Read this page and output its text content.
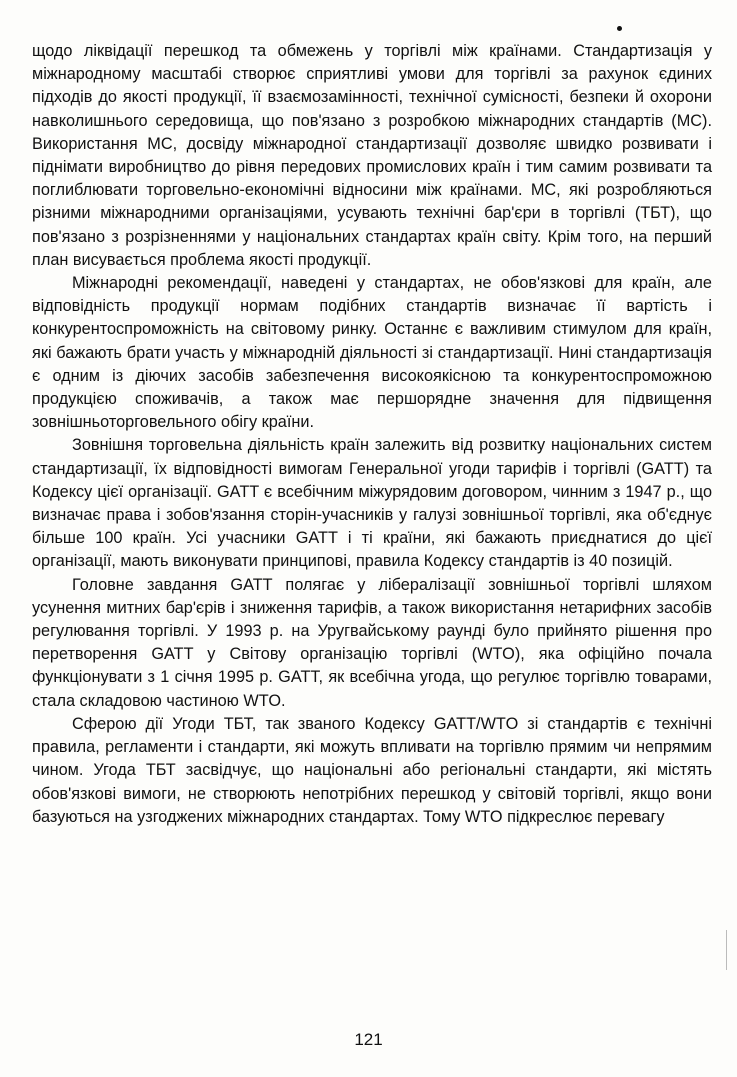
щодо ліквідації перешкод та обмежень у торгівлі між країнами. Стандартизація у міжнародному масштабі створює сприятливі умови для торгівлі за рахунок єдиних підходів до якості продукції, її взаємозамінності, технічної сумісності, безпеки й охорони навколишнього середовища, що пов'язано з розробкою міжнародних стандартів (МС). Використання МС, досвіду міжнародної стандартизації дозволяє швидко розвивати і піднімати виробництво до рівня передових промислових країн і тим самим розвивати та поглиблювати торговельно-економічні відносини між країнами. МС, які розробляються різними міжнародними організаціями, усувають технічні бар'єри в торгівлі (ТБТ), що пов'язано з розрізненнями у національних стандартах країн світу. Крім того, на перший план висувається проблема якості продукції.

Міжнародні рекомендації, наведені у стандартах, не обов'язкові для країн, але відповідність продукції нормам подібних стандартів визначає її вартість і конкурентоспроможність на світовому ринку. Останнє є важливим стимулом для країн, які бажають брати участь у міжнародній діяльності зі стандартизації. Нині стандартизація є одним із діючих засобів забезпечення високоякісною та конкурентоспроможною продукцією споживачів, а також має першорядне значення для підвищення зовнішньоторговельного обігу країни.

Зовнішня торговельна діяльність країн залежить від розвитку національних систем стандартизації, їх відповідності вимогам Генеральної угоди тарифів і торгівлі (GATT) та Кодексу цієї організації. GATT є всебічним міжурядовим договором, чинним з 1947 р., що визначає права і зобов'язання сторін-учасників у галузі зовнішньої торгівлі, яка об'єднує більше 100 країн. Усі учасники GATT і ті країни, які бажають приєднатися до цієї організації, мають виконувати принципові, правила Кодексу стандартів із 40 позицій.

Головне завдання GATT полягає у лібералізації зовнішньої торгівлі шляхом усунення митних бар'єрів і зниження тарифів, а також використання нетарифних засобів регулювання торгівлі. У 1993 р. на Уругвайському раунді було прийнято рішення про перетворення GATT у Світову організацію торгівлі (WTO), яка офіційно почала функціонувати з 1 січня 1995 р. GATT, як всебічна угода, що регулює торгівлю товарами, стала складовою частиною WTO.

Сферою дії Угоди ТБТ, так званого Кодексу GATT/WTO зі стандартів є технічні правила, регламенти і стандарти, які можуть впливати на торгівлю прямим чи непрямим чином. Угода ТБТ засвідчує, що національні або регіональні стандарти, які містять обов'язкові вимоги, не створюють непотрібних перешкод у світовій торгівлі, якщо вони базуються на узгоджених міжнародних стандартах. Тому WTO підкреслює перевагу

121
